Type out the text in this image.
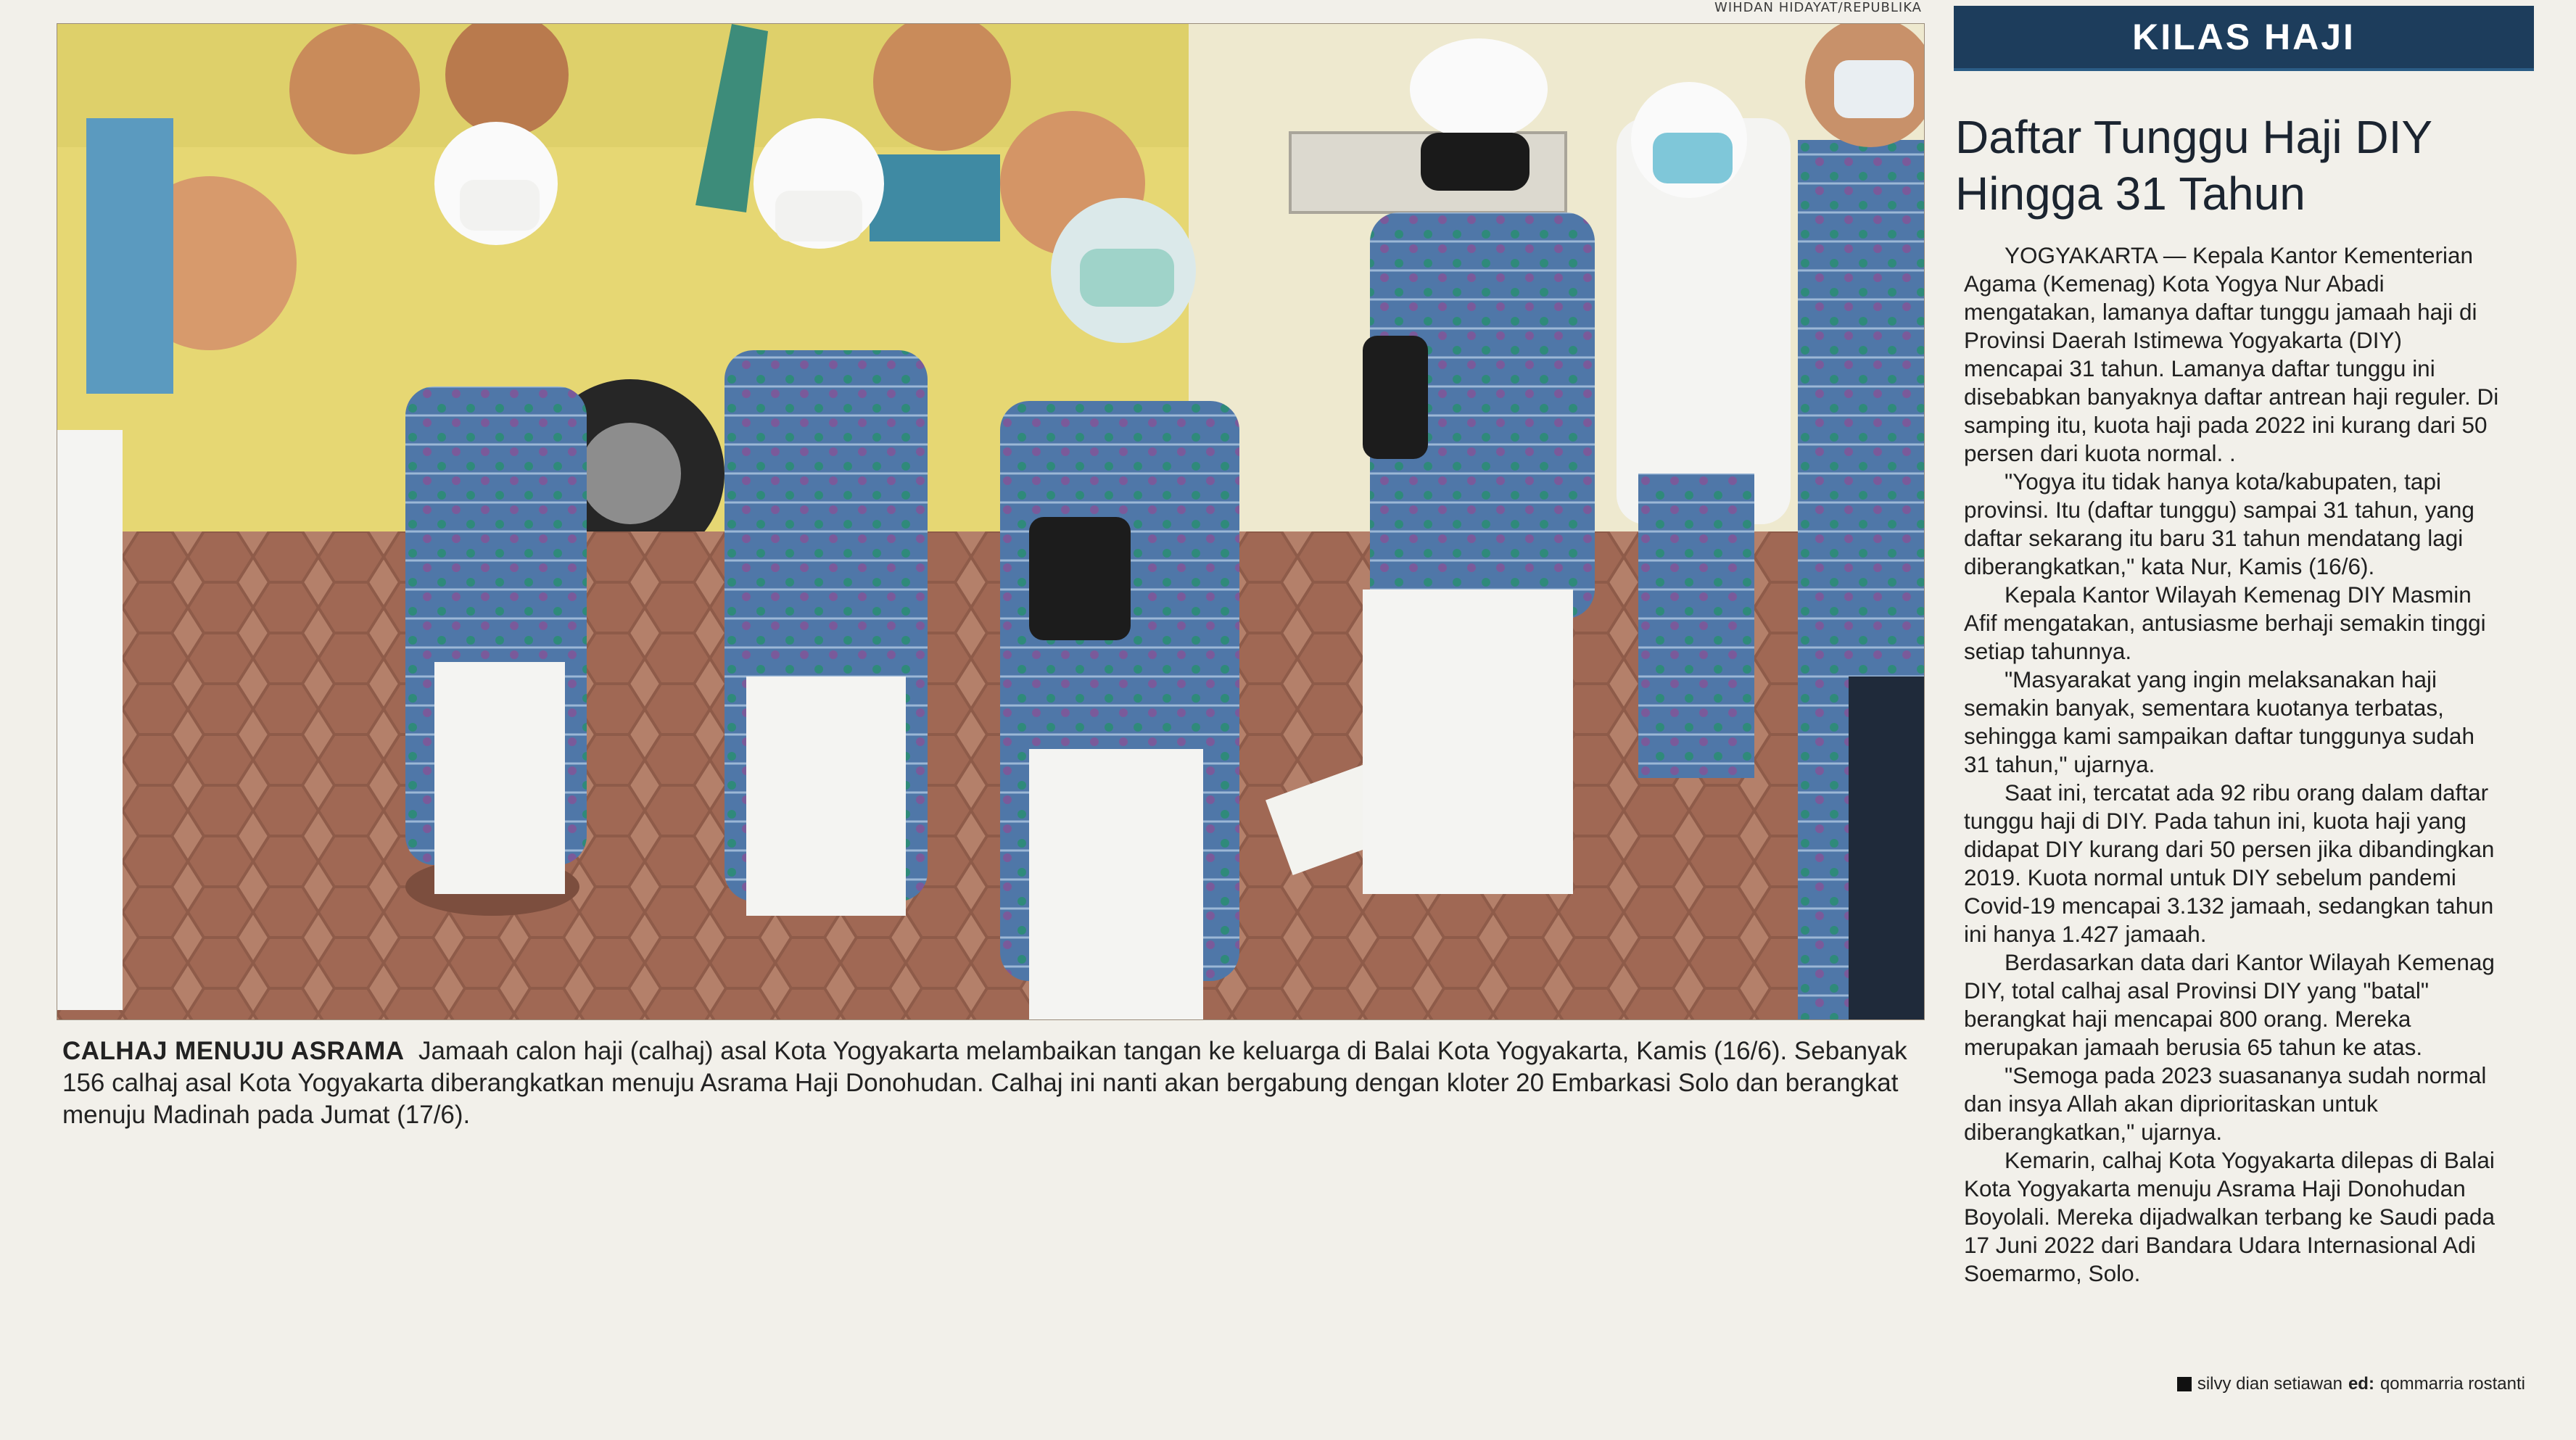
WIHDAN HIDAYAT/REPUBLIKA
CALHAJ MENUJU ASRAMA Jamaah calon haji (calhaj) asal Kota Yogyakarta melambaikan tangan ke keluarga di Balai Kota Yogyakarta, Kamis (16/6). Sebanyak
156 calhaj asal Kota Yogyakarta diberangkatkan menuju Asrama Haji Donohudan. Calhaj ini nanti akan bergabung dengan kloter 20 Embarkasi Solo dan berangkat
menuju Madinah pada Jumat (17/6).
KILAS HAJI
Daftar Tunggu Haji DIY
Hingga 31 Tahun

YOGYAKARTA — Kepala Kantor Kementerian

Agama (Kemenag) Kota Yogya Nur Abadi

mengatakan, lamanya daftar tunggu jamaah haji di

Provinsi Daerah Istimewa Yogyakarta (DIY)

mencapai 31 tahun. Lamanya daftar tunggu ini

disebabkan banyaknya daftar antrean haji reguler. Di

samping itu, kuota haji pada 2022 ini kurang dari 50

persen dari kuota normal. .

"Yogya itu tidak hanya kota/kabupaten, tapi

provinsi. Itu (daftar tunggu) sampai 31 tahun, yang

daftar sekarang itu baru 31 tahun mendatang lagi

diberangkatkan," kata Nur, Kamis (16/6).

Kepala Kantor Wilayah Kemenag DIY Masmin

Afif mengatakan, antusiasme berhaji semakin tinggi

setiap tahunnya.

"Masyarakat yang ingin melaksanakan haji

semakin banyak, sementara kuotanya terbatas,

sehingga kami sampaikan daftar tunggunya sudah

31 tahun," ujarnya.

Saat ini, tercatat ada 92 ribu orang dalam daftar

tunggu haji di DIY. Pada tahun ini, kuota haji yang

didapat DIY kurang dari 50 persen jika dibandingkan

2019. Kuota normal untuk DIY sebelum pandemi

Covid-19 mencapai 3.132 jamaah, sedangkan tahun

ini hanya 1.427 jamaah.

Berdasarkan data dari Kantor Wilayah Kemenag

DIY, total calhaj asal Provinsi DIY yang "batal"

berangkat haji mencapai 800 orang. Mereka

merupakan jamaah berusia 65 tahun ke atas.

"Semoga pada 2023 suasananya sudah normal

dan insya Allah akan diprioritaskan untuk

diberangkatkan," ujarnya.

Kemarin, calhaj Kota Yogyakarta dilepas di Balai

Kota Yogyakarta menuju Asrama Haji Donohudan

Boyolali. Mereka dijadwalkan terbang ke Saudi pada

17 Juni 2022 dari Bandara Udara Internasional Adi

Soemarmo, Solo.

silvy dian setiawan ed: qommarria rostanti
